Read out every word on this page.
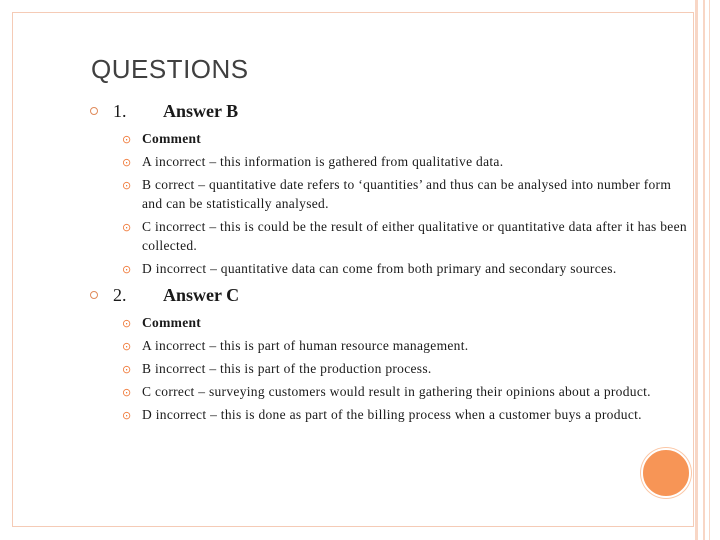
QUESTIONS
1. Answer B
⊙ Comment
⊙ A incorrect – this information is gathered from qualitative data.
⊙ B correct – quantitative date refers to ‘quantities’ and thus can be analysed into number form and can be statistically analysed.
⊙ C incorrect – this is could be the result of either qualitative or quantitative data after it has been collected.
⊙ D incorrect – quantitative data can come from both primary and secondary sources.
2. Answer C
⊙ Comment
⊙ A incorrect – this is part of human resource management.
⊙ B incorrect – this is part of the production process.
⊙ C correct – surveying customers would result in gathering their opinions about a product.
⊙ D incorrect – this is done as part of the billing process when a customer buys a product.
